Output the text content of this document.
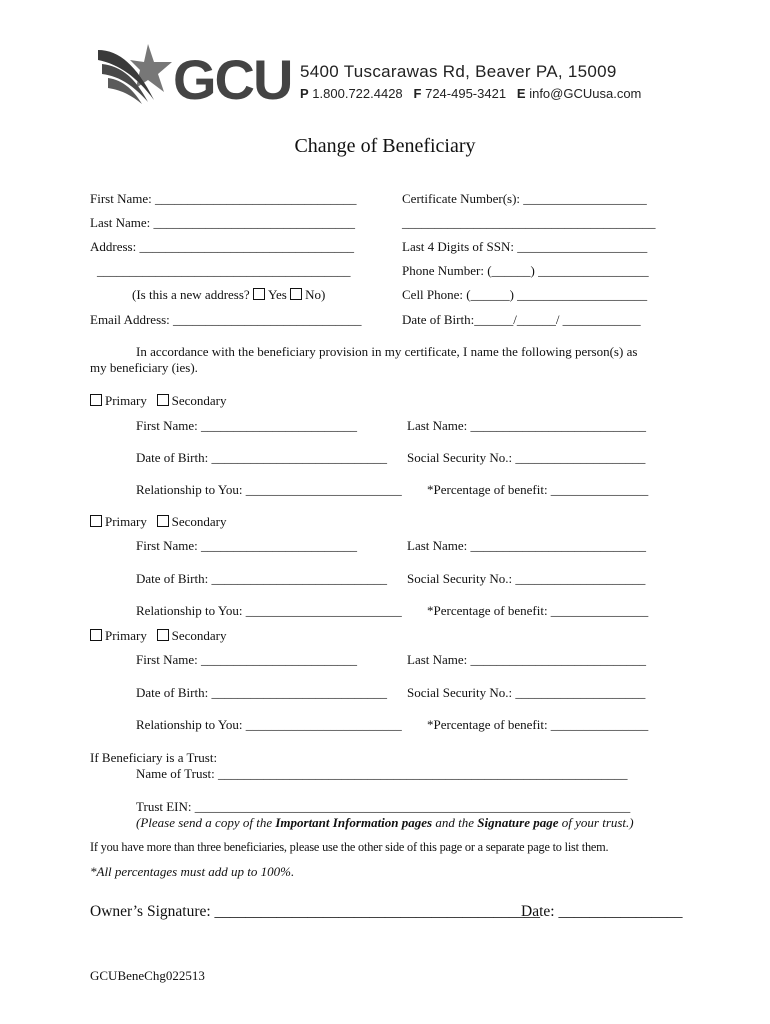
GCU 5400 Tuscarawas Rd, Beaver PA, 15009
P 1.800.722.4428 F 724-495-3421 E info@GCUusa.com
Change of Beneficiary
First Name: _______________________________	Certificate Number(s): ___________________
Last Name: _______________________________	_______________________________________
Address: _________________________________	Last 4 Digits of SSN: ____________________
_______________________________________	Phone Number: (______) _________________
(Is this a new address? Yes No)	Cell Phone: (______) ____________________
Email Address: _____________________________	Date of Birth:______/______/ ____________
In accordance with the beneficiary provision in my certificate, I name the following person(s) as
my beneficiary (ies).
Primary Secondary
First Name: ________________________	Last Name: ___________________________
Date of Birth: ___________________________ Social Security No.: ____________________
Relationship to You: ________________________ *Percentage of benefit: _______________
Primary Secondary
First Name: ________________________	Last Name: ___________________________
Date of Birth: ___________________________ Social Security No.: ____________________
Relationship to You: ________________________ *Percentage of benefit: _______________
Primary Secondary
First Name: ________________________	Last Name: ___________________________
Date of Birth: ___________________________ Social Security No.: ____________________
Relationship to You: ________________________ *Percentage of benefit: _______________
If Beneficiary is a Trust:
Name of Trust: _______________________________________________________________
Trust EIN: ___________________________________________________________________
(Please send a copy of the Important Information pages and the Signature page of your trust.)
If you have more than three beneficiaries, please use the other side of this page or a separate page to list them.
*All percentages must add up to 100%.
Owner’s Signature: __________________________________________
Date: ________________
GCUBeneChg022513
